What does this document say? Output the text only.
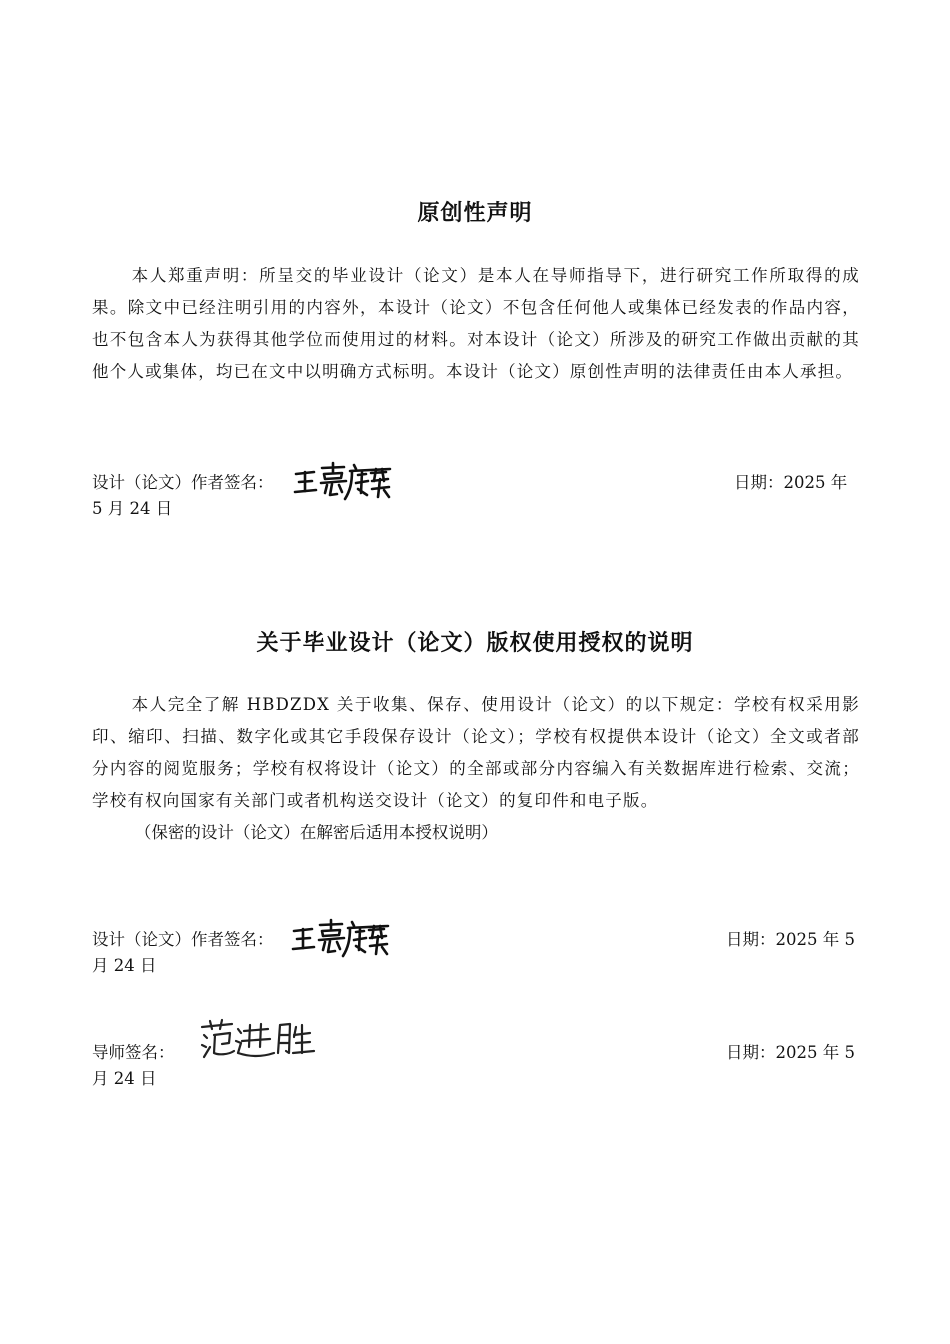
原创性声明
本人郑重声明：所呈交的毕业设计（论文）是本人在导师指导下，进行研究工作所取得的成果。除文中已经注明引用的内容外，本设计（论文）不包含任何他人或集体已经发表的作品内容，也不包含本人为获得其他学位而使用过的材料。对本设计（论文）所涉及的研究工作做出贡献的其他个人或集体，均已在文中以明确方式标明。本设计（论文）原创性声明的法律责任由本人承担。
设计（论文）作者签名：	日期：2025 年
5 月 24 日
关于毕业设计（论文）版权使用授权的说明
本人完全了解 HBDZDX 关于收集、保存、使用设计（论文）的以下规定：学校有权采用影印、缩印、扫描、数字化或其它手段保存设计（论文）；学校有权提供本设计（论文）全文或者部分内容的阅览服务；学校有权将设计（论文）的全部或部分内容编入有关数据库进行检索、交流；学校有权向国家有关部门或者机构送交设计（论文）的复印件和电子版。
（保密的设计（论文）在解密后适用本授权说明）
设计（论文）作者签名：	日期：2025 年 5
月 24 日
导师签名：	日期：2025 年 5
月 24 日
